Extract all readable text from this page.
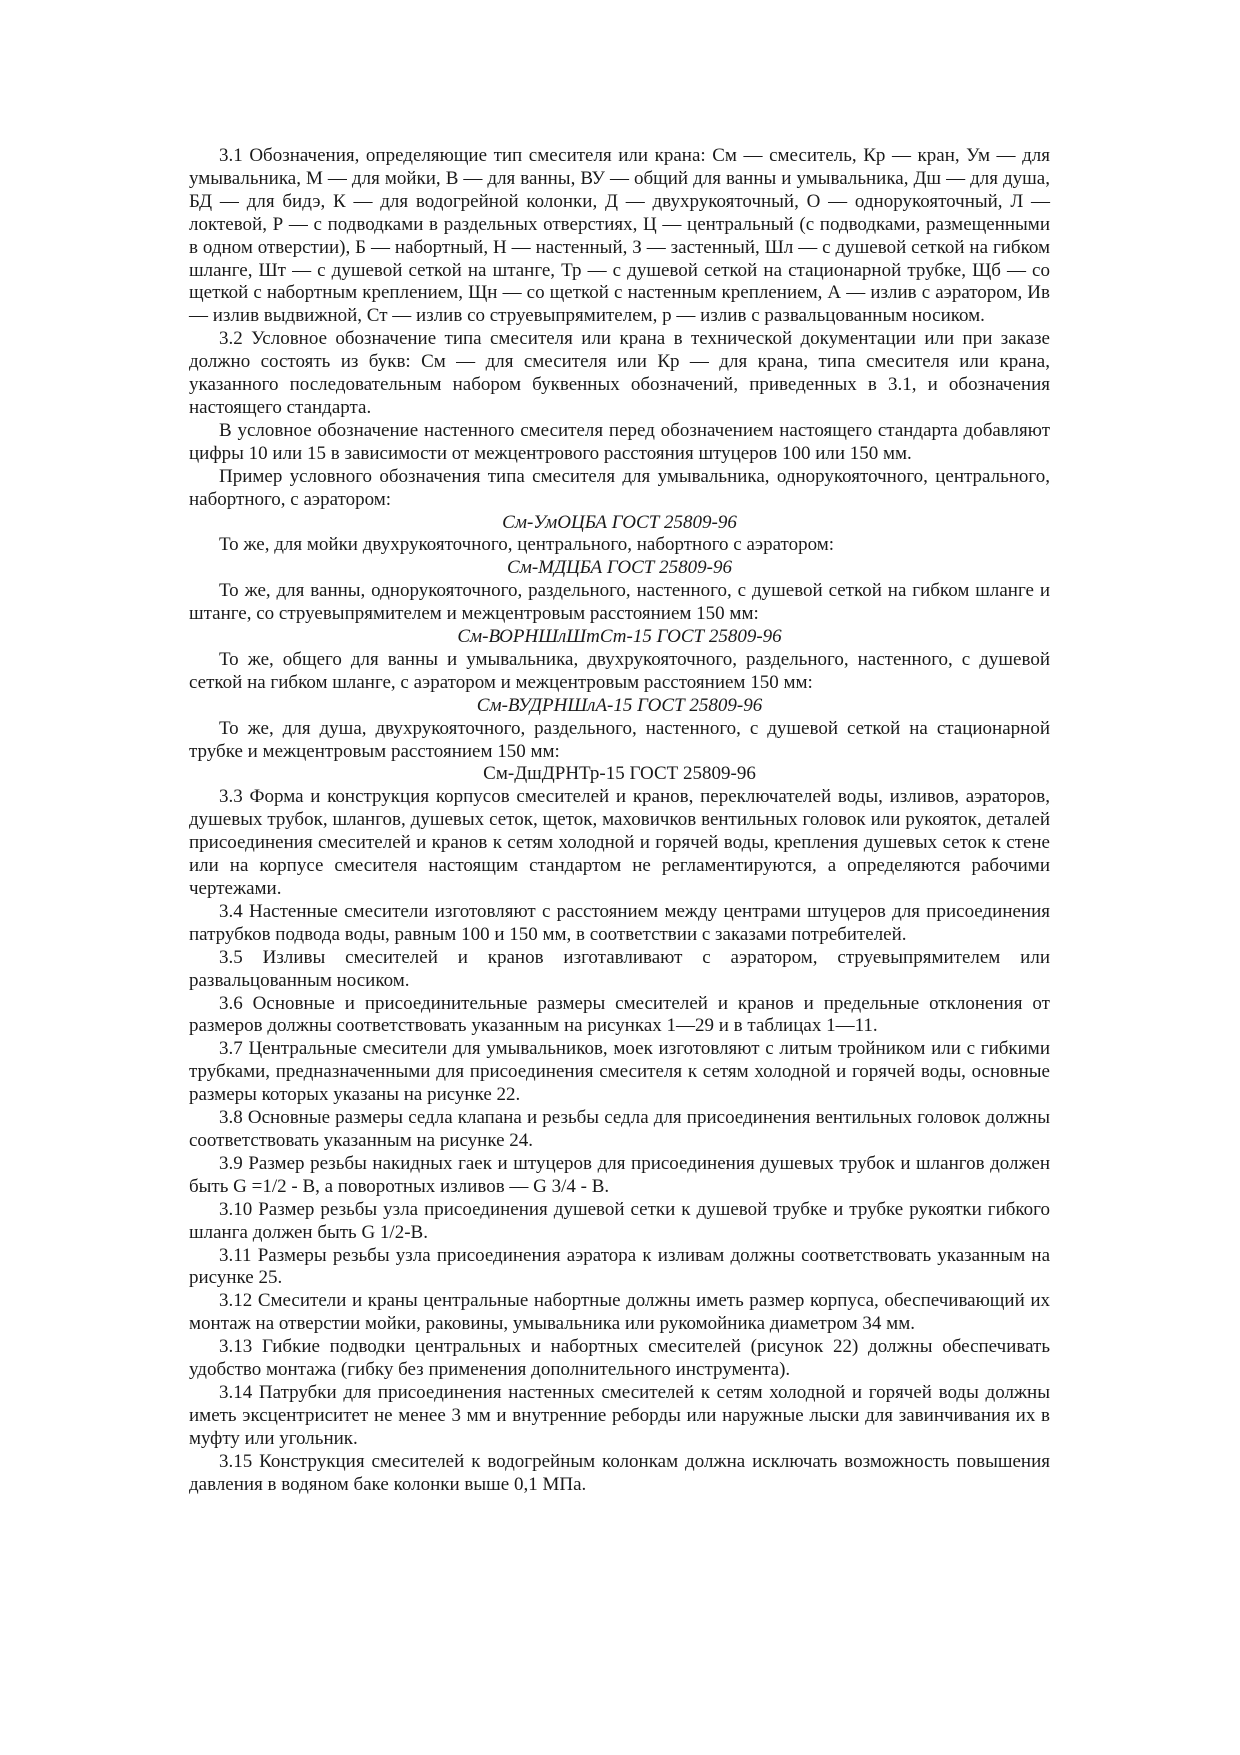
3.1 Обозначения, определяющие тип смесителя или крана: См — смеситель, Кр — кран, Ум — для умывальника, М — для мойки, В — для ванны, ВУ — общий для ванны и умывальника, Дш — для душа, БД — для бидэ, К — для водогрейной колонки, Д — двухрукояточный, О — однорукояточный, Л — локтевой, Р — с подводками в раздельных отверстиях, Ц — центральный (с подводками, размещенными в одном отверстии), Б — набортный, Н — настенный, З — застенный, Шл — с душевой сеткой на гибком шланге, Шт — с душевой сеткой на штанге, Тр — с душевой сеткой на стационарной трубке, Щб — со щеткой с набортным креплением, Щн — со щеткой с настенным креплением, А — излив с аэратором, Ив — излив выдвижной, Ст — излив со струевыпрямителем, р — излив с развальцованным носиком.

3.2 Условное обозначение типа смесителя или крана в технической документации или при заказе должно состоять из букв: См — для смесителя или Кр — для крана, типа смесителя или крана, указанного последовательным набором буквенных обозначений, приведенных в 3.1, и обозначения настоящего стандарта.

В условное обозначение настенного смесителя перед обозначением настоящего стандарта добавляют цифры 10 или 15 в зависимости от межцентрового расстояния штуцеров 100 или 150 мм.

Пример условного обозначения типа смесителя для умывальника, однорукояточного, центрального, набортного, с аэратором:

См-УмОЦБА ГОСТ 25809-96

То же, для мойки двухрукояточного, центрального, набортного с аэратором:

См-МДЦБА ГОСТ 25809-96

То же, для ванны, однорукояточного, раздельного, настенного, с душевой сеткой на гибком шланге и штанге, со струевыпрямителем и межцентровым расстоянием 150 мм:

См-ВОРНШлШтСт-15 ГОСТ 25809-96

То же, общего для ванны и умывальника, двухрукояточного, раздельного, настенного, с душевой сеткой на гибком шланге, с аэратором и межцентровым расстоянием 150 мм:

См-ВУДРНШлА-15 ГОСТ 25809-96

То же, для душа, двухрукояточного, раздельного, настенного, с душевой сеткой на стационарной трубке и межцентровым расстоянием 150 мм:

См-ДшДРНТр-15 ГОСТ 25809-96

3.3 Форма и конструкция корпусов смесителей и кранов, переключателей воды, изливов, аэраторов, душевых трубок, шлангов, душевых сеток, щеток, маховичков вентильных головок или рукояток, деталей присоединения смесителей и кранов к сетям холодной и горячей воды, крепления душевых сеток к стене или на корпусе смесителя настоящим стандартом не регламентируются, а определяются рабочими чертежами.

3.4 Настенные смесители изготовляют с расстоянием между центрами штуцеров для присоединения патрубков подвода воды, равным 100 и 150 мм, в соответствии с заказами потребителей.

3.5 Изливы смесителей и кранов изготавливают с аэратором, струевыпрямителем или развальцованным носиком.

3.6 Основные и присоединительные размеры смесителей и кранов и предельные отклонения от размеров должны соответствовать указанным на рисунках 1—29 и в таблицах 1—11.

3.7 Центральные смесители для умывальников, моек изготовляют с литым тройником или с гибкими трубками, предназначенными для присоединения смесителя к сетям холодной и горячей воды, основные размеры которых указаны на рисунке 22.

3.8 Основные размеры седла клапана и резьбы седла для присоединения вентильных головок должны соответствовать указанным на рисунке 24.

3.9 Размер резьбы накидных гаек и штуцеров для присоединения душевых трубок и шлангов должен быть G =1/2 - В, а поворотных изливов — G 3/4 - В.

3.10 Размер резьбы узла присоединения душевой сетки к душевой трубке и трубке рукоятки гибкого шланга должен быть G 1/2-В.

3.11 Размеры резьбы узла присоединения аэратора к изливам должны соответствовать указанным на рисунке 25.

3.12 Смесители и краны центральные набортные должны иметь размер корпуса, обеспечивающий их монтаж на отверстии мойки, раковины, умывальника или рукомойника диаметром 34 мм.

3.13 Гибкие подводки центральных и набортных смесителей (рисунок 22) должны обеспечивать удобство монтажа (гибку без применения дополнительного инструмента).

3.14 Патрубки для присоединения настенных смесителей к сетям холодной и горячей воды должны иметь эксцентриситет не менее 3 мм и внутренние реборды или наружные лыски для завинчивания их в муфту или угольник.

3.15 Конструкция смесителей к водогрейным колонкам должна исключать возможность повышения давления в водяном баке колонки выше 0,1 МПа.
